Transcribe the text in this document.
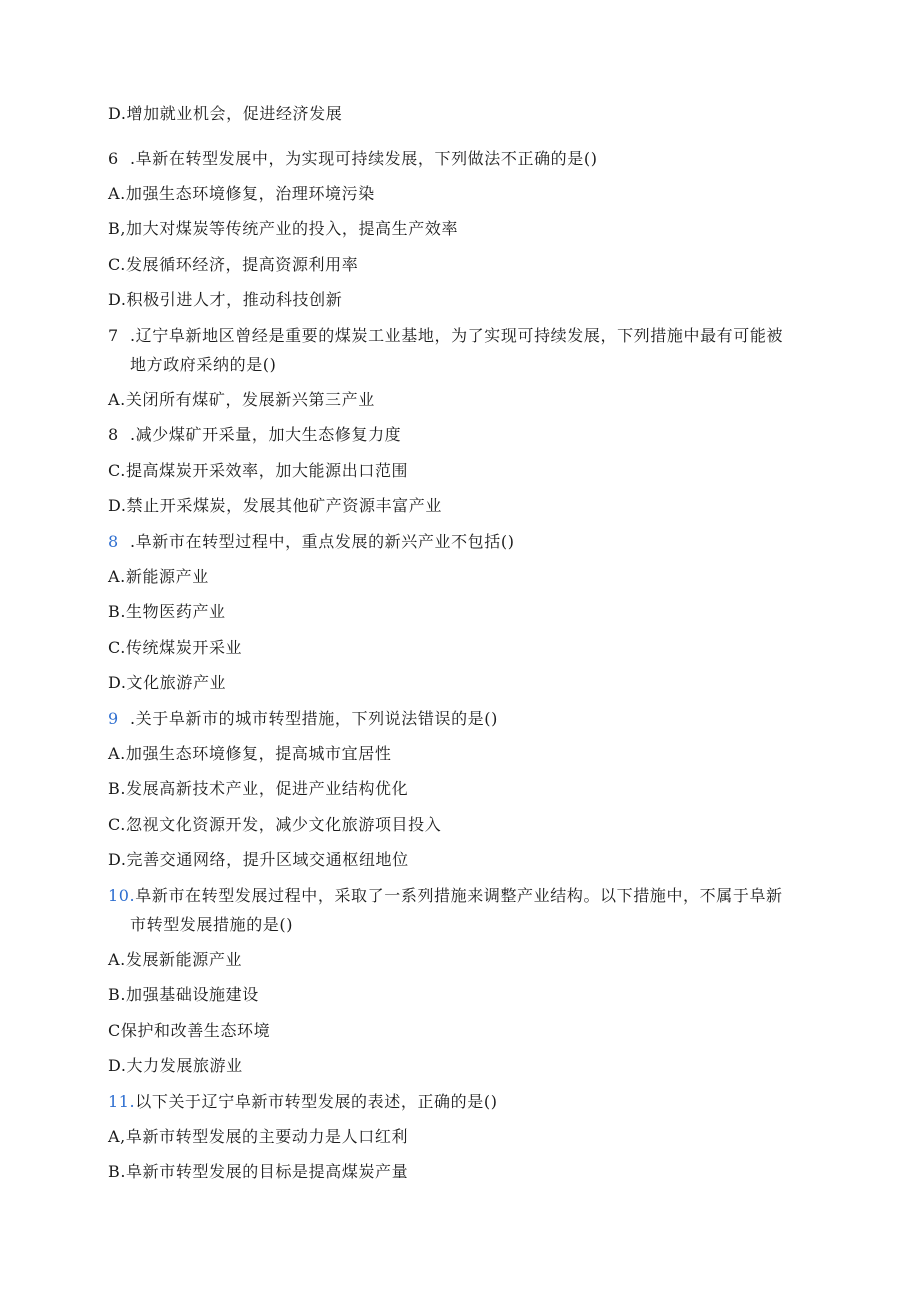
D.增加就业机会，促进经济发展
6 .阜新在转型发展中，为实现可持续发展，下列做法不正确的是()
A.加强生态环境修复，治理环境污染
B,加大对煤炭等传统产业的投入，提高生产效率
C.发展循环经济，提高资源利用率
D.积极引进人才，推动科技创新
7 .辽宁阜新地区曾经是重要的煤炭工业基地，为了实现可持续发展，下列措施中最有可能被
地方政府采纳的是()
A.关闭所有煤矿，发展新兴第三产业
8 .减少煤矿开采量，加大生态修复力度
C.提高煤炭开采效率，加大能源出口范围
D.禁止开采煤炭，发展其他矿产资源丰富产业
8 .阜新市在转型过程中，重点发展的新兴产业不包括()
A.新能源产业
B.生物医药产业
C.传统煤炭开采业
D.文化旅游产业
9 .关于阜新市的城市转型措施，下列说法错误的是()
A.加强生态环境修复，提高城市宜居性
B.发展高新技术产业，促进产业结构优化
C.忽视文化资源开发，减少文化旅游项目投入
D.完善交通网络，提升区域交通枢纽地位
10.阜新市在转型发展过程中，采取了一系列措施来调整产业结构。以下措施中，不属于阜新
市转型发展措施的是()
A.发展新能源产业
B.加强基础设施建设
C保护和改善生态环境
D.大力发展旅游业
11.以下关于辽宁阜新市转型发展的表述，正确的是()
A,阜新市转型发展的主要动力是人口红利
B.阜新市转型发展的目标是提高煤炭产量
